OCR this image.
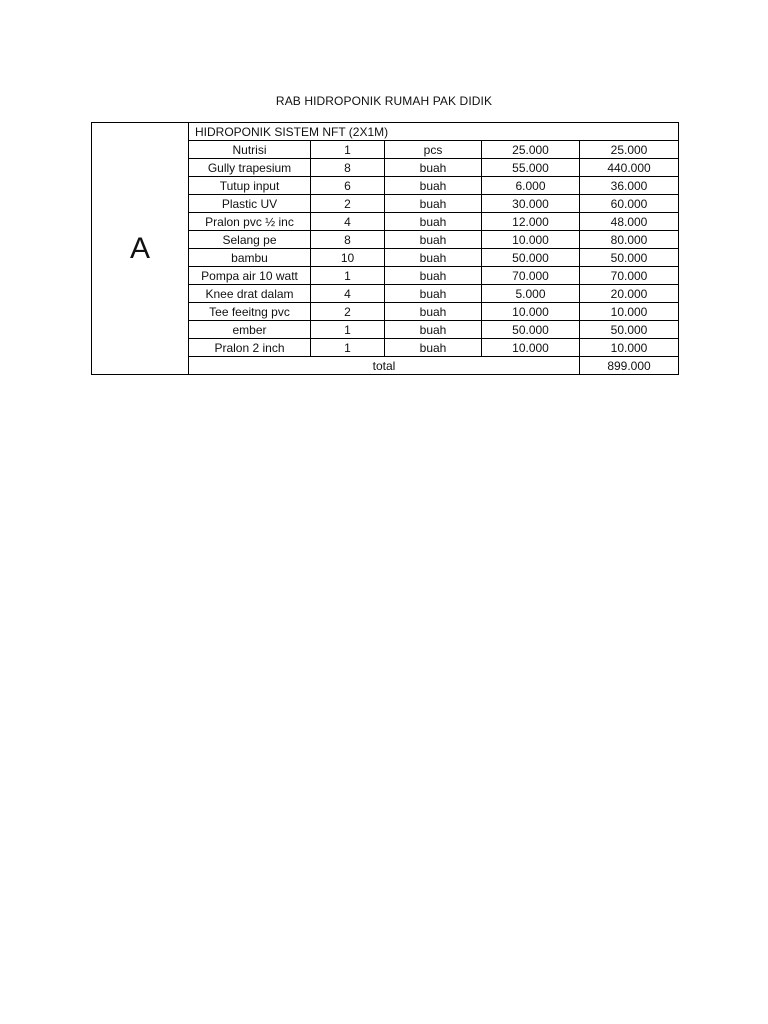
RAB HIDROPONIK RUMAH PAK DIDIK
A	HIDROPONIK SISTEM NFT (2X1M)				
	Nutrisi	1	pcs	25.000	25.000
	Gully trapesium	8	buah	55.000	440.000
	Tutup input	6	buah	6.000	36.000
	Plastic UV	2	buah	30.000	60.000
	Pralon pvc ½ inc	4	buah	12.000	48.000
	Selang pe	8	buah	10.000	80.000
	bambu	10	buah	50.000	50.000
	Pompa air 10 watt	1	buah	70.000	70.000
	Knee drat dalam	4	buah	5.000	20.000
	Tee feeitng pvc	2	buah	10.000	10.000
	ember	1	buah	50.000	50.000
	Pralon 2 inch	1	buah	10.000	10.000
	total				899.000
